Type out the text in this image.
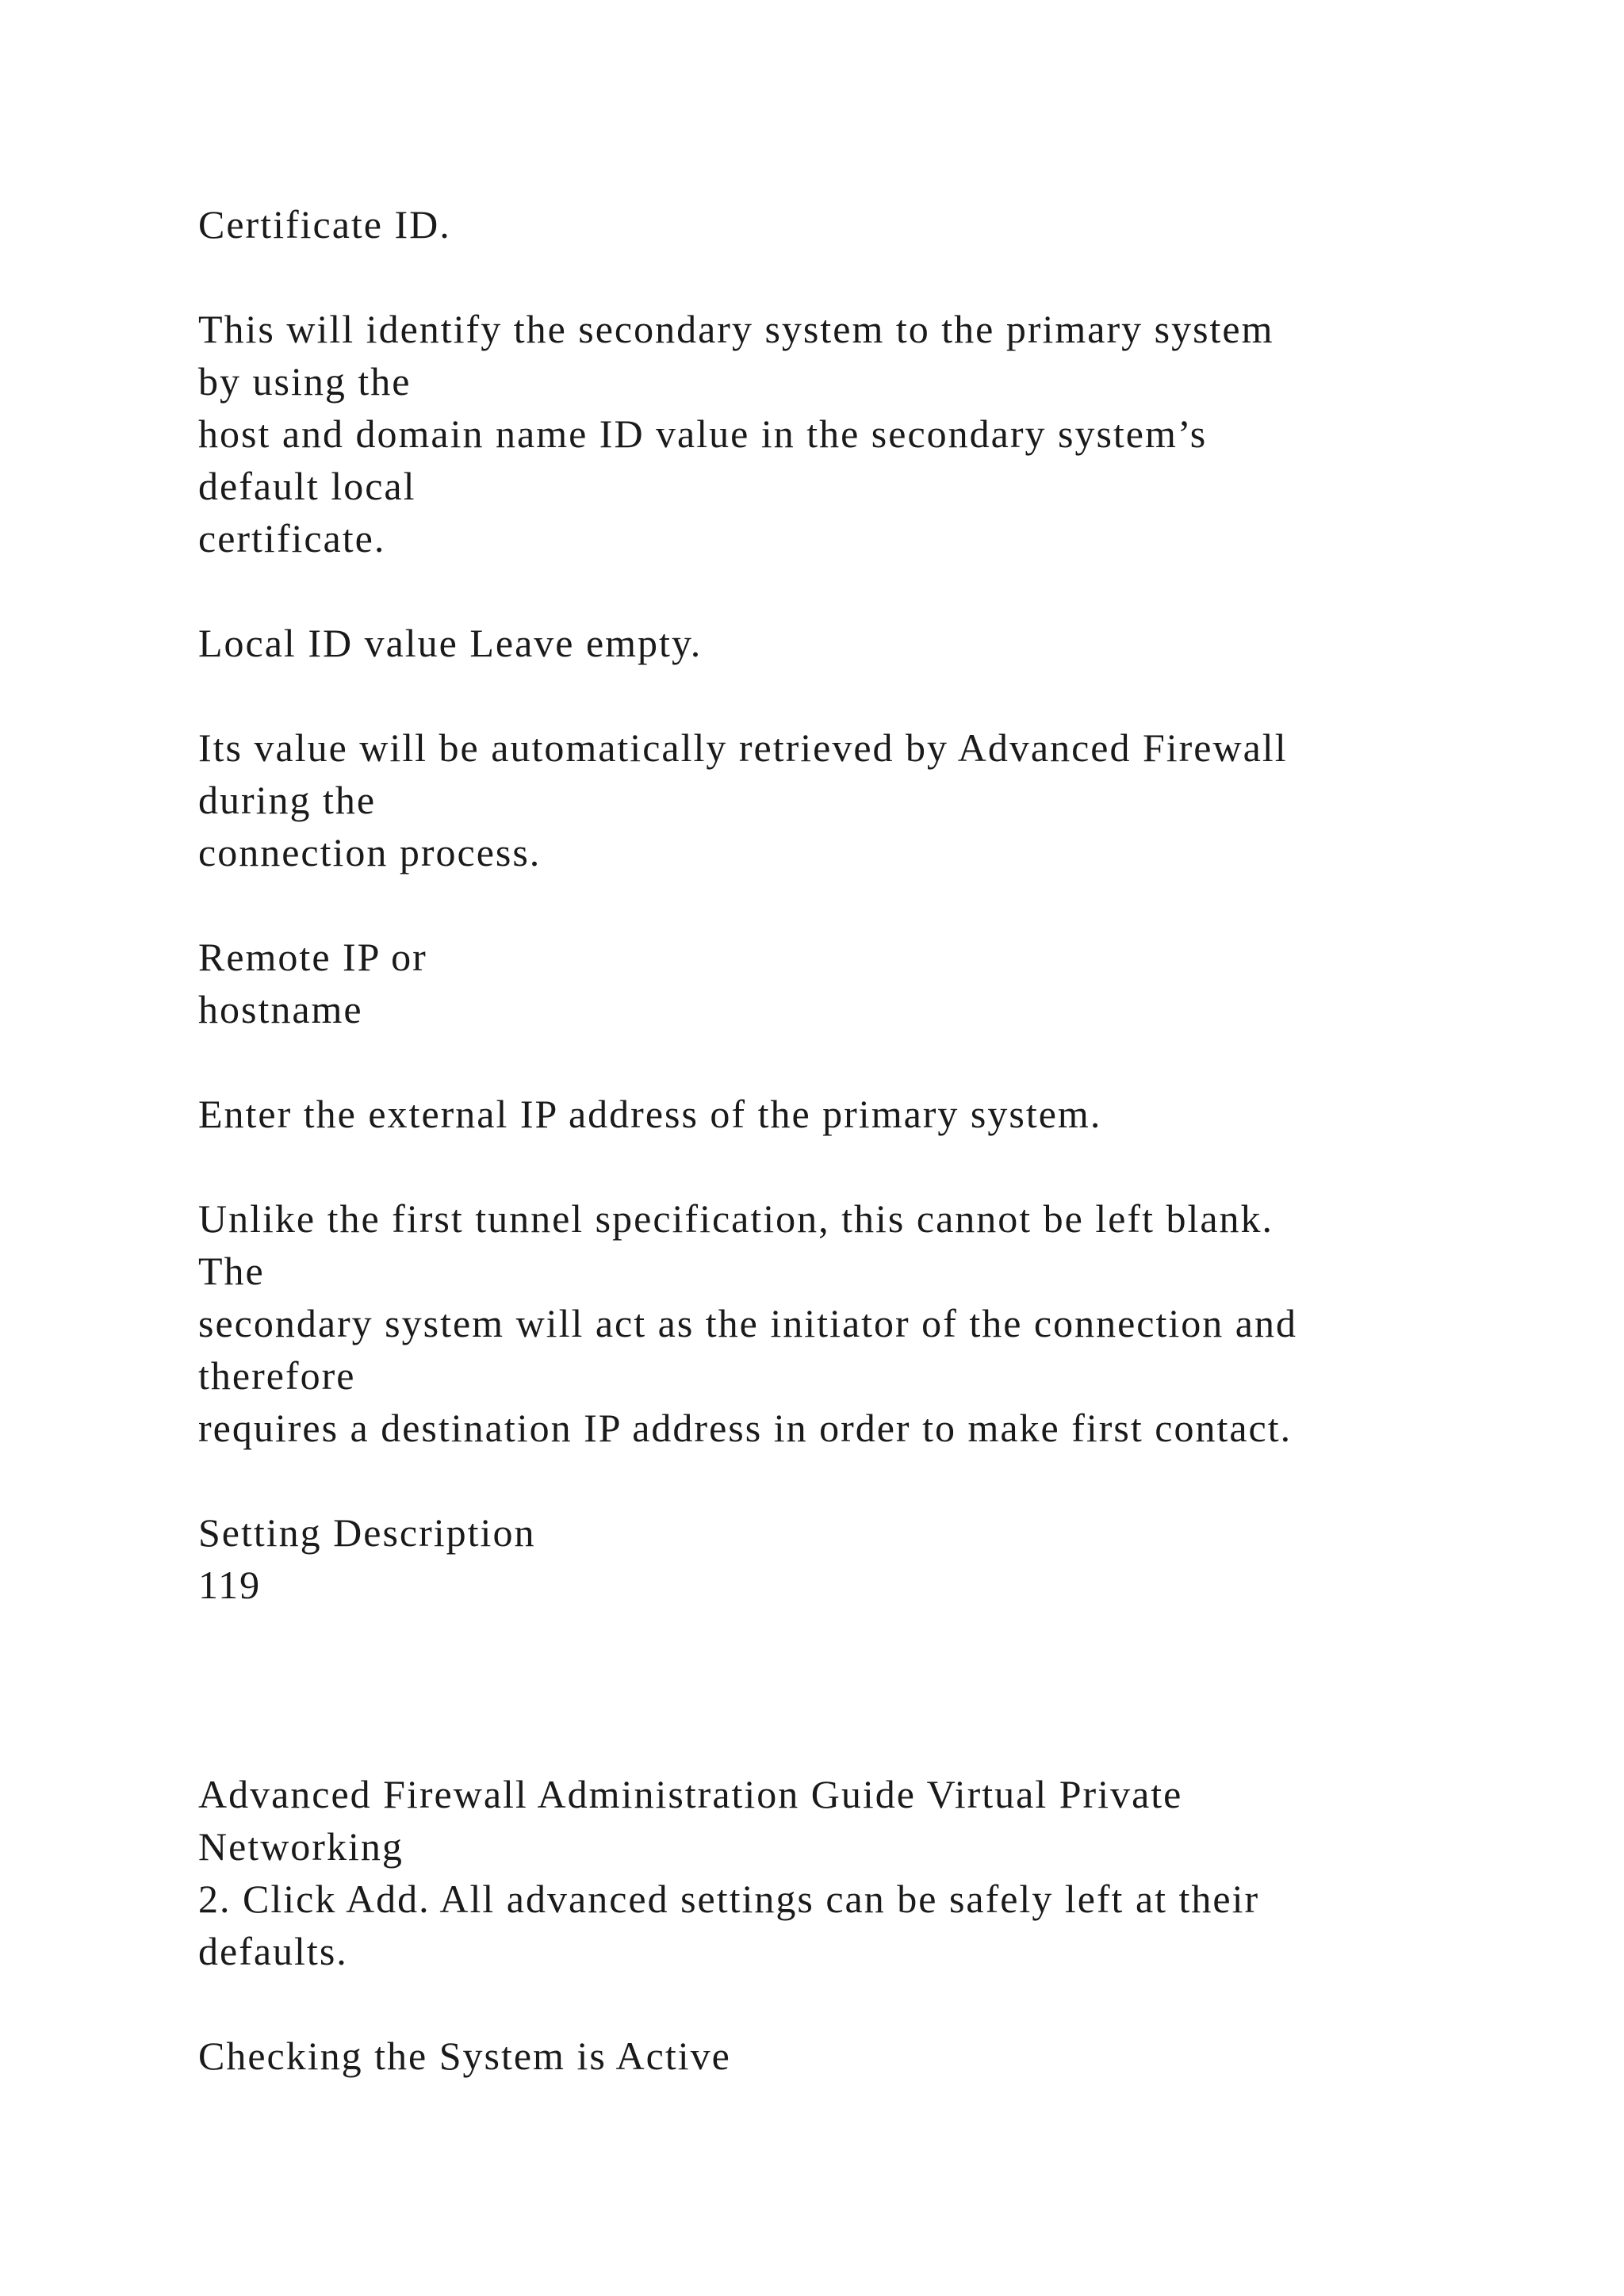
Certificate ID.
This will identify the secondary system to the primary system
by using the
host and domain name ID value in the secondary system’s
default local
certificate.
Local ID value Leave empty.
Its value will be automatically retrieved by Advanced Firewall
during the
connection process.
Remote IP or
hostname
Enter the external IP address of the primary system.
Unlike the first tunnel specification, this cannot be left blank.
The
secondary system will act as the initiator of the connection and
therefore
requires a destination IP address in order to make first contact.
Setting Description
119
Advanced Firewall Administration Guide Virtual Private
Networking
2. Click Add. All advanced settings can be safely left at their
defaults.
Checking the System is Active
